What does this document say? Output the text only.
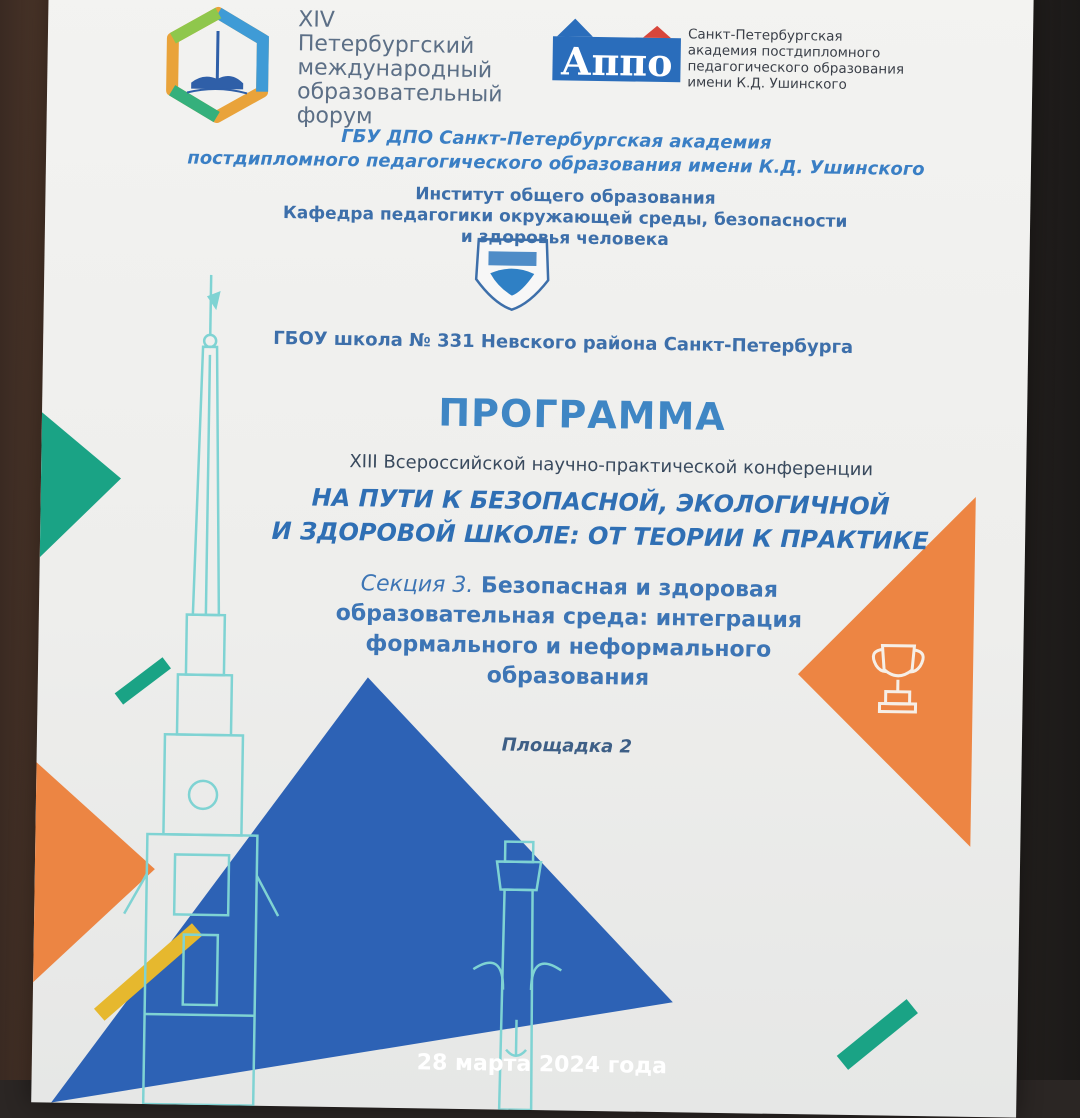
Аппо
XIV Петербургский
международный
образовательный
форум
Санкт-Петербургская
академия постдипломного
педагогического образования
имени К.Д. Ушинского
ГБУ ДПО Санкт-Петербургская академия
постдипломного педагогического образования имени К.Д. Ушинского
Институт общего образования
Кафедра педагогики окружающей среды, безопасности
и здоровья человека
ГБОУ школа № 331 Невского района Санкт-Петербурга
ПРОГРАММА
XIII Всероссийской научно-практической конференции
НА ПУТИ К БЕЗОПАСНОЙ, ЭКОЛОГИЧНОЙ
И ЗДОРОВОЙ ШКОЛЕ: ОТ ТЕОРИИ К ПРАКТИКЕ
Секция 3. Безопасная и здоровая
образовательная среда: интеграция
формального и неформального
образования
Площадка 2
28 марта 2024 года
